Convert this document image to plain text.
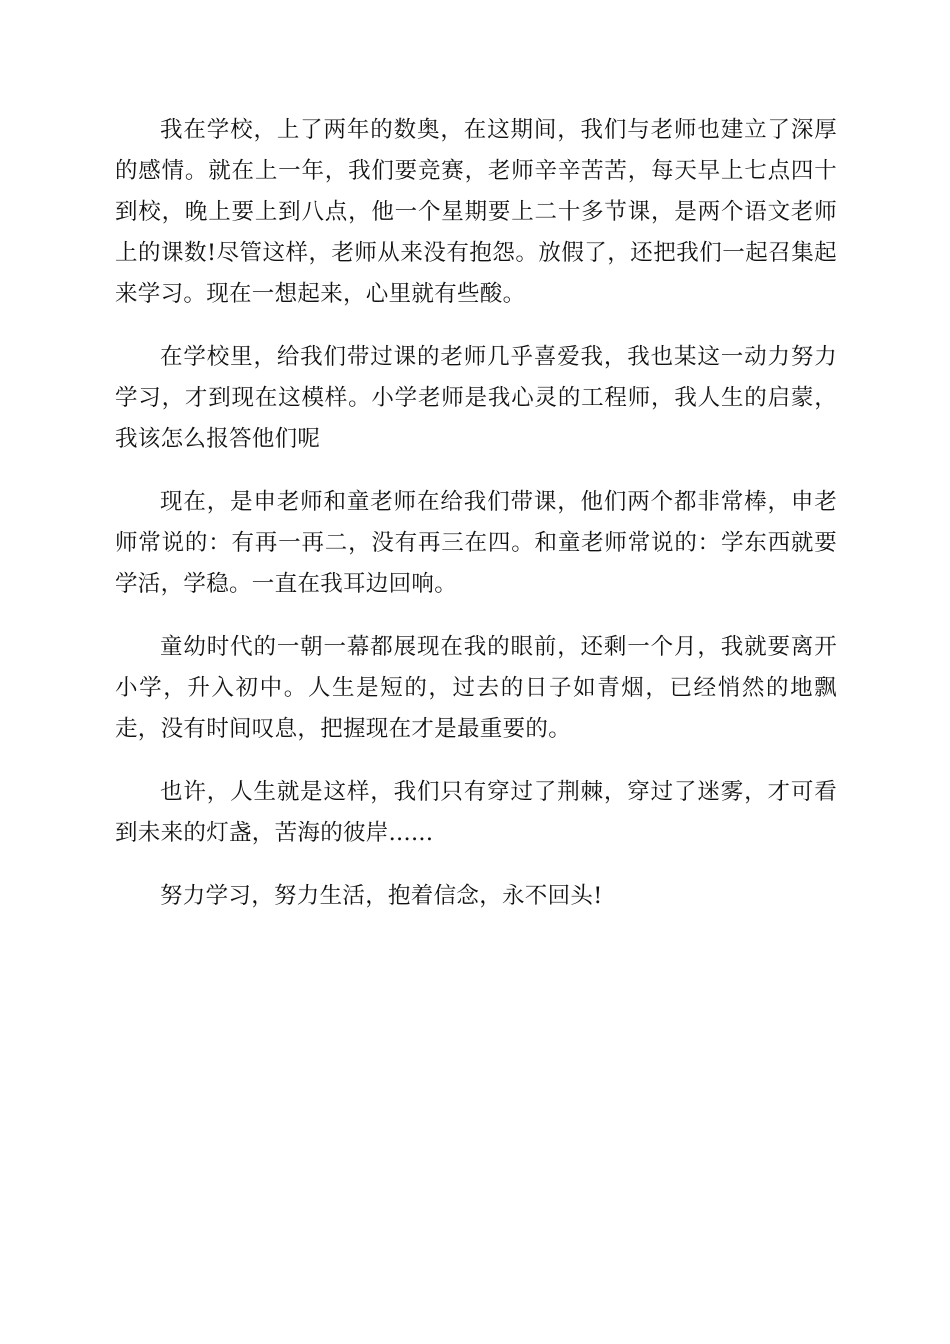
我在学校，上了两年的数奥，在这期间，我们与老师也建立了深厚的感情。就在上一年，我们要竞赛，老师辛辛苦苦，每天早上七点四十到校，晚上要上到八点，他一个星期要上二十多节课，是两个语文老师上的课数!尽管这样，老师从来没有抱怨。放假了，还把我们一起召集起来学习。现在一想起来，心里就有些酸。

在学校里，给我们带过课的老师几乎喜爱我，我也某这一动力努力学习，才到现在这模样。小学老师是我心灵的工程师，我人生的启蒙，我该怎么报答他们呢

现在，是申老师和童老师在给我们带课，他们两个都非常棒，申老师常说的：有再一再二，没有再三在四。和童老师常说的：学东西就要学活，学稳。一直在我耳边回响。

童幼时代的一朝一幕都展现在我的眼前，还剩一个月，我就要离开小学，升入初中。人生是短的，过去的日子如青烟，已经悄然的地飘走，没有时间叹息，把握现在才是最重要的。

也许，人生就是这样，我们只有穿过了荆棘，穿过了迷雾，才可看到未来的灯盏，苦海的彼岸......

努力学习，努力生活，抱着信念，永不回头!
